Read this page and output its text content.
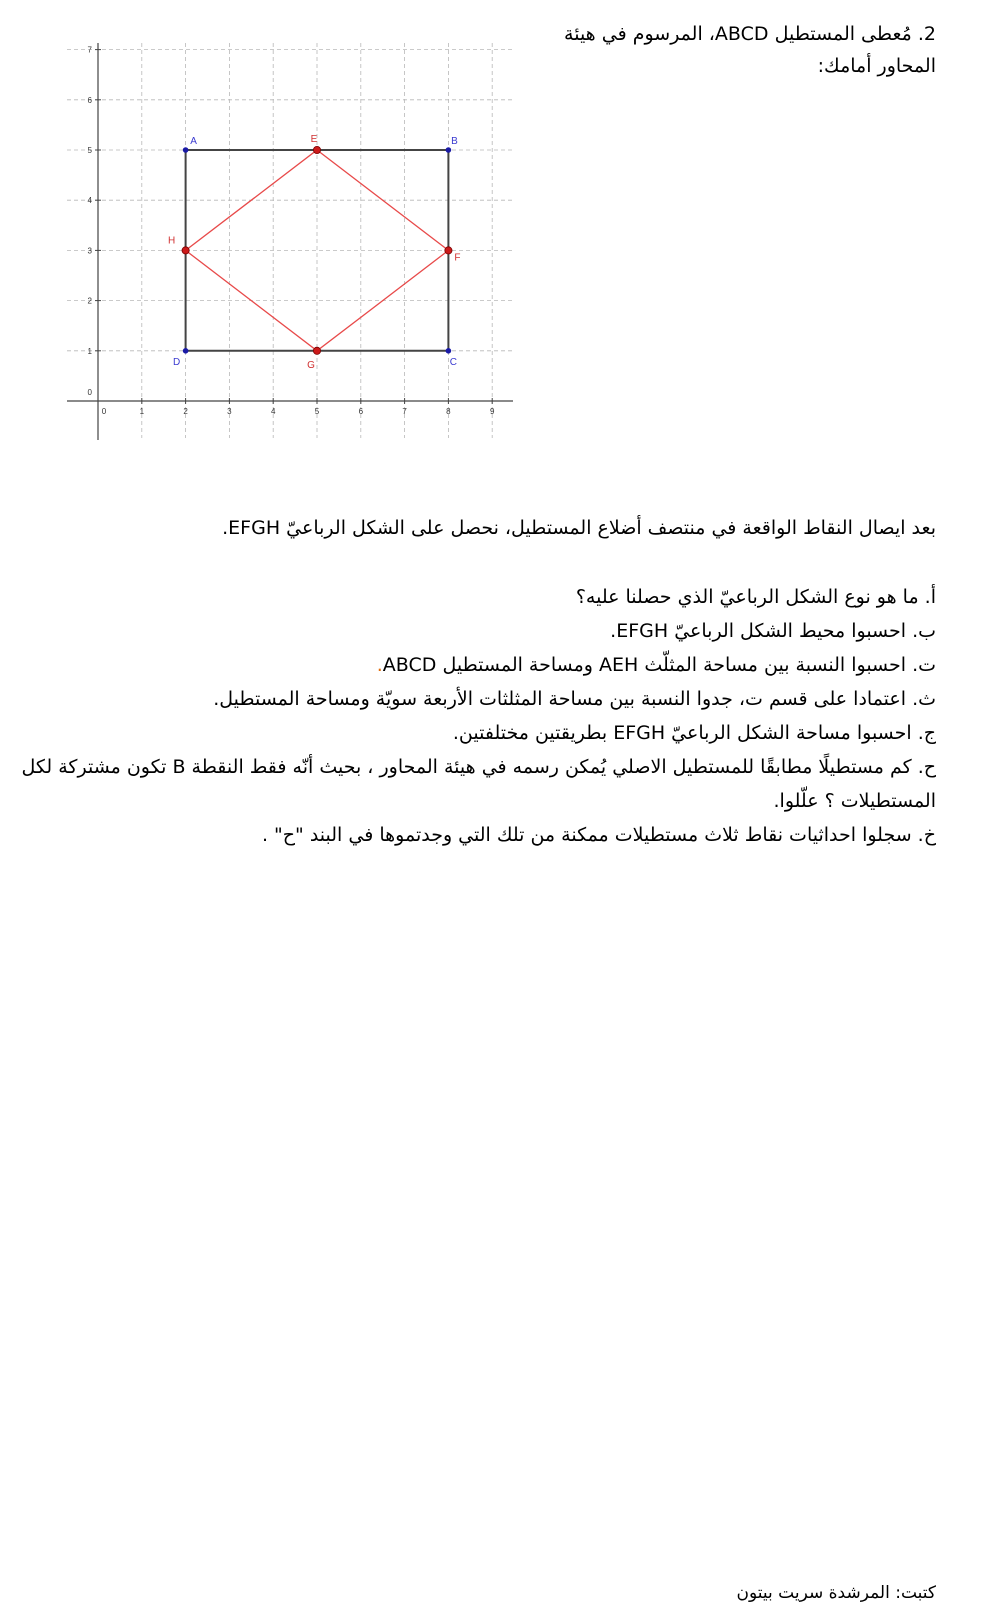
2. مُعطى المستطيل ABCD، المرسوم في هيئة
المحاور أمامك:
0	1	2	3	4	5	6	7	8	9
0
1
2
3
4
5
6
7
A	B
C
D
E
F
G
H
بعد ايصال النقاط الواقعة في منتصف أضلاع المستطيل، نحصل على الشكل الرباعيّ EFGH.

أ. ما هو نوع الشكل الرباعيّ الذي حصلنا عليه؟

ب. احسبوا محيط الشكل الرباعيّ EFGH.

ت. احسبوا النسبة بين مساحة المثلّث AEH ومساحة المستطيل ABCD.

ث. اعتمادا على قسم ت، جدوا النسبة بين مساحة المثلثات الأربعة سويّة ومساحة المستطيل.

ج. احسبوا مساحة الشكل الرباعيّ EFGH بطريقتين مختلفتين.

ح. كم مستطيلًا مطابقًا للمستطيل الاصلي يُمكن رسمه في هيئة المحاور ، بحيث أنّه فقط النقطة B تكون مشتركة لكل المستطيلات ؟ علّلوا.

خ. سجلوا احداثيات نقاط ثلاث مستطيلات ممكنة من تلك التي وجدتموها في البند "ح" .

كتبت: المرشدة سريت بيتون
